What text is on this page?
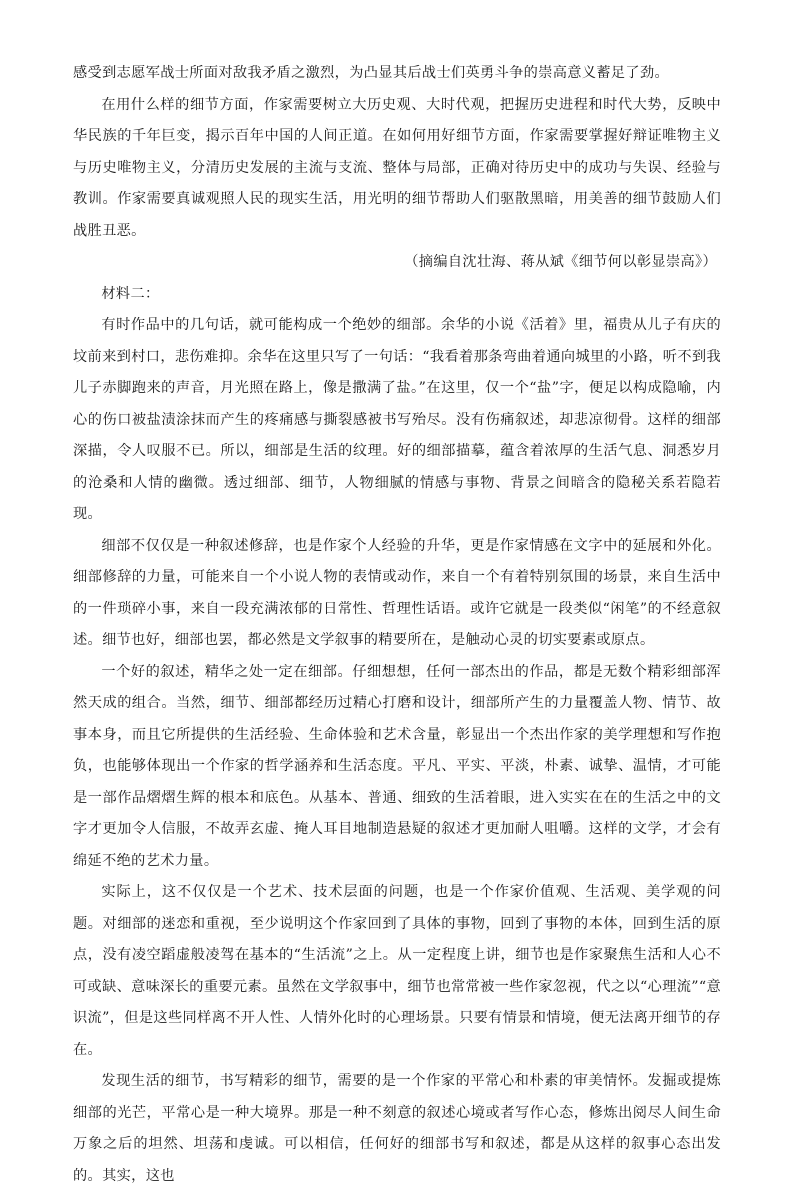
感受到志愿军战士所面对敌我矛盾之激烈，为凸显其后战士们英勇斗争的崇高意义蓄足了劲。

在用什么样的细节方面，作家需要树立大历史观、大时代观，把握历史进程和时代大势，反映中华民族的千年巨变，揭示百年中国的人间正道。在如何用好细节方面，作家需要掌握好辩证唯物主义与历史唯物主义，分清历史发展的主流与支流、整体与局部，正确对待历史中的成功与失误、经验与教训。作家需要真诚观照人民的现实生活，用光明的细节帮助人们驱散黑暗，用美善的细节鼓励人们战胜丑恶。

（摘编自沈壮海、蒋从斌《细节何以彰显崇高》）

材料二：

有时作品中的几句话，就可能构成一个绝妙的细部。余华的小说《活着》里，福贵从儿子有庆的坟前来到村口，悲伤难抑。余华在这里只写了一句话：“我看着那条弯曲着通向城里的小路，听不到我儿子赤脚跑来的声音，月光照在路上，像是撒满了盐。”在这里，仅一个“盐”字，便足以构成隐喻，内心的伤口被盐渍涂抹而产生的疼痛感与撕裂感被书写殆尽。没有伤痛叙述，却悲凉彻骨。这样的细部深描，令人叹服不已。所以，细部是生活的纹理。好的细部描摹，蕴含着浓厚的生活气息、洞悉岁月的沧桑和人情的幽微。透过细部、细节，人物细腻的情感与事物、背景之间暗含的隐秘关系若隐若现。

细部不仅仅是一种叙述修辞，也是作家个人经验的升华，更是作家情感在文字中的延展和外化。细部修辞的力量，可能来自一个小说人物的表情或动作，来自一个有着特别氛围的场景，来自生活中的一件琐碎小事，来自一段充满浓郁的日常性、哲理性话语。或许它就是一段类似“闲笔”的不经意叙述。细节也好，细部也罢，都必然是文学叙事的精要所在，是触动心灵的切实要素或原点。

一个好的叙述，精华之处一定在细部。仔细想想，任何一部杰出的作品，都是无数个精彩细部浑然天成的组合。当然，细节、细部都经历过精心打磨和设计，细部所产生的力量覆盖人物、情节、故事本身，而且它所提供的生活经验、生命体验和艺术含量，彰显出一个杰出作家的美学理想和写作抱负，也能够体现出一个作家的哲学涵养和生活态度。平凡、平实、平淡，朴素、诚挚、温情，才可能是一部作品熠熠生辉的根本和底色。从基本、普通、细致的生活着眼，进入实实在在的生活之中的文字才更加令人信服，不故弄玄虚、掩人耳目地制造悬疑的叙述才更加耐人咀嚼。这样的文学，才会有绵延不绝的艺术力量。

实际上，这不仅仅是一个艺术、技术层面的问题，也是一个作家价值观、生活观、美学观的问题。对细部的迷恋和重视，至少说明这个作家回到了具体的事物，回到了事物的本体，回到生活的原点，没有凌空蹈虚般凌驾在基本的“生活流”之上。从一定程度上讲，细节也是作家聚焦生活和人心不可或缺、意味深长的重要元素。虽然在文学叙事中，细节也常常被一些作家忽视，代之以“心理流”“意识流”，但是这些同样离不开人性、人情外化时的心理场景。只要有情景和情境，便无法离开细节的存在。

发现生活的细节，书写精彩的细节，需要的是一个作家的平常心和朴素的审美情怀。发掘或提炼细部的光芒，平常心是一种大境界。那是一种不刻意的叙述心境或者写作心态，修炼出阅尽人间生命万象之后的坦然、坦荡和虔诚。可以相信，任何好的细部书写和叙述，都是从这样的叙事心态出发的。其实，这也
